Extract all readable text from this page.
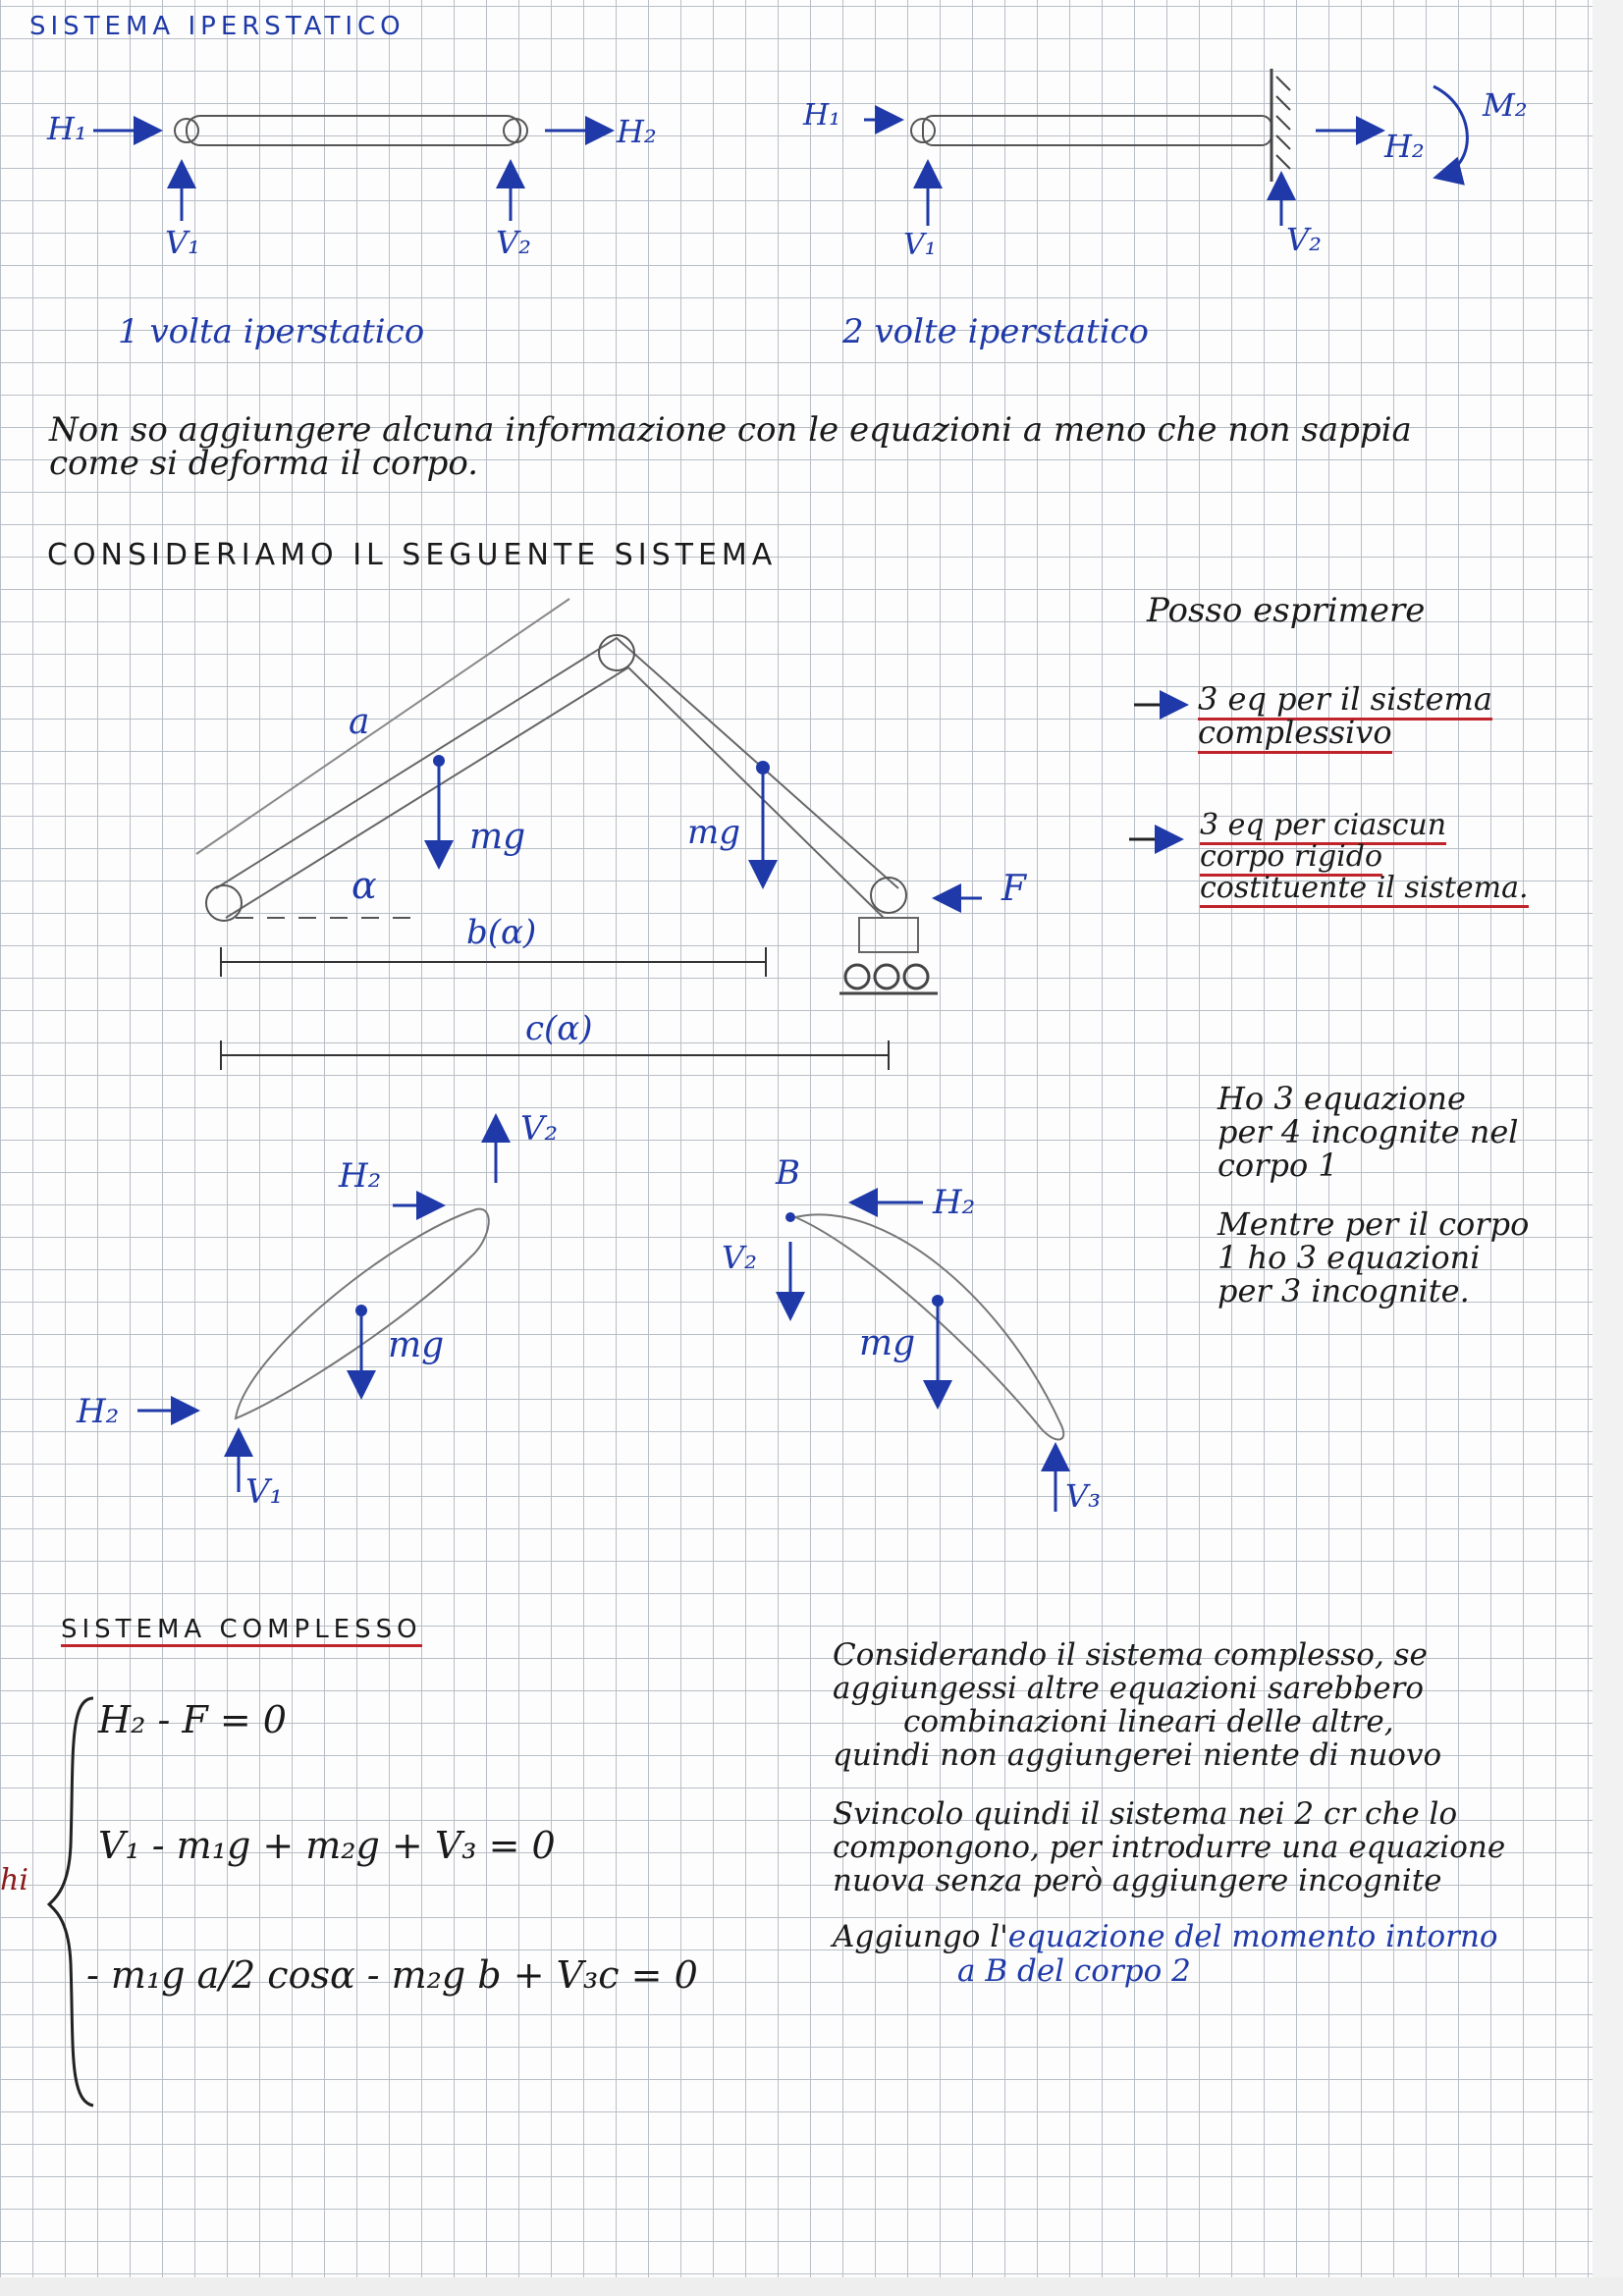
SISTEMA IPERSTATICO
H₁	H₂
V₁	V₂
1 volta iperstatico
H₁
H₂
V₁	V₂
M₂
2 volte iperstatico
Non so aggiungere alcuna informazione con le equazioni a meno che non sappia
come si deforma il corpo.
CONSIDERIAMO IL SEGUENTE SISTEMA
a
α
mg	mg
F
b(α)
c(α)
Posso esprimere
3 eq per il sistema complessivo
3 eq per ciascun corpo rigido costituente il sistema.
Ho 3 equazione
per 4 incognite nel
corpo 1
Mentre per il corpo
1 ho 3 equazioni
per 3 incognite.
H₂
V₂
mg
H₂
V₁
B
H₂
V₂
mg
V₃
SISTEMA COMPLESSO
H₂ - F = 0
V₁ - m₁g + m₂g + V₃ = 0
- m₁g a/2 cosα - m₂g b + V₃c = 0
Considerando il sistema complesso, se
aggiungessi altre equazioni sarebbero
combinazioni lineari delle altre,
quindi non aggiungerei niente di nuovo
Svincolo quindi il sistema nei 2 cr che lo
compongono, per introdurre una equazione
nuova senza però aggiungere incognite
Aggiungo l'equazione del momento intorno
a B del corpo 2
hi
